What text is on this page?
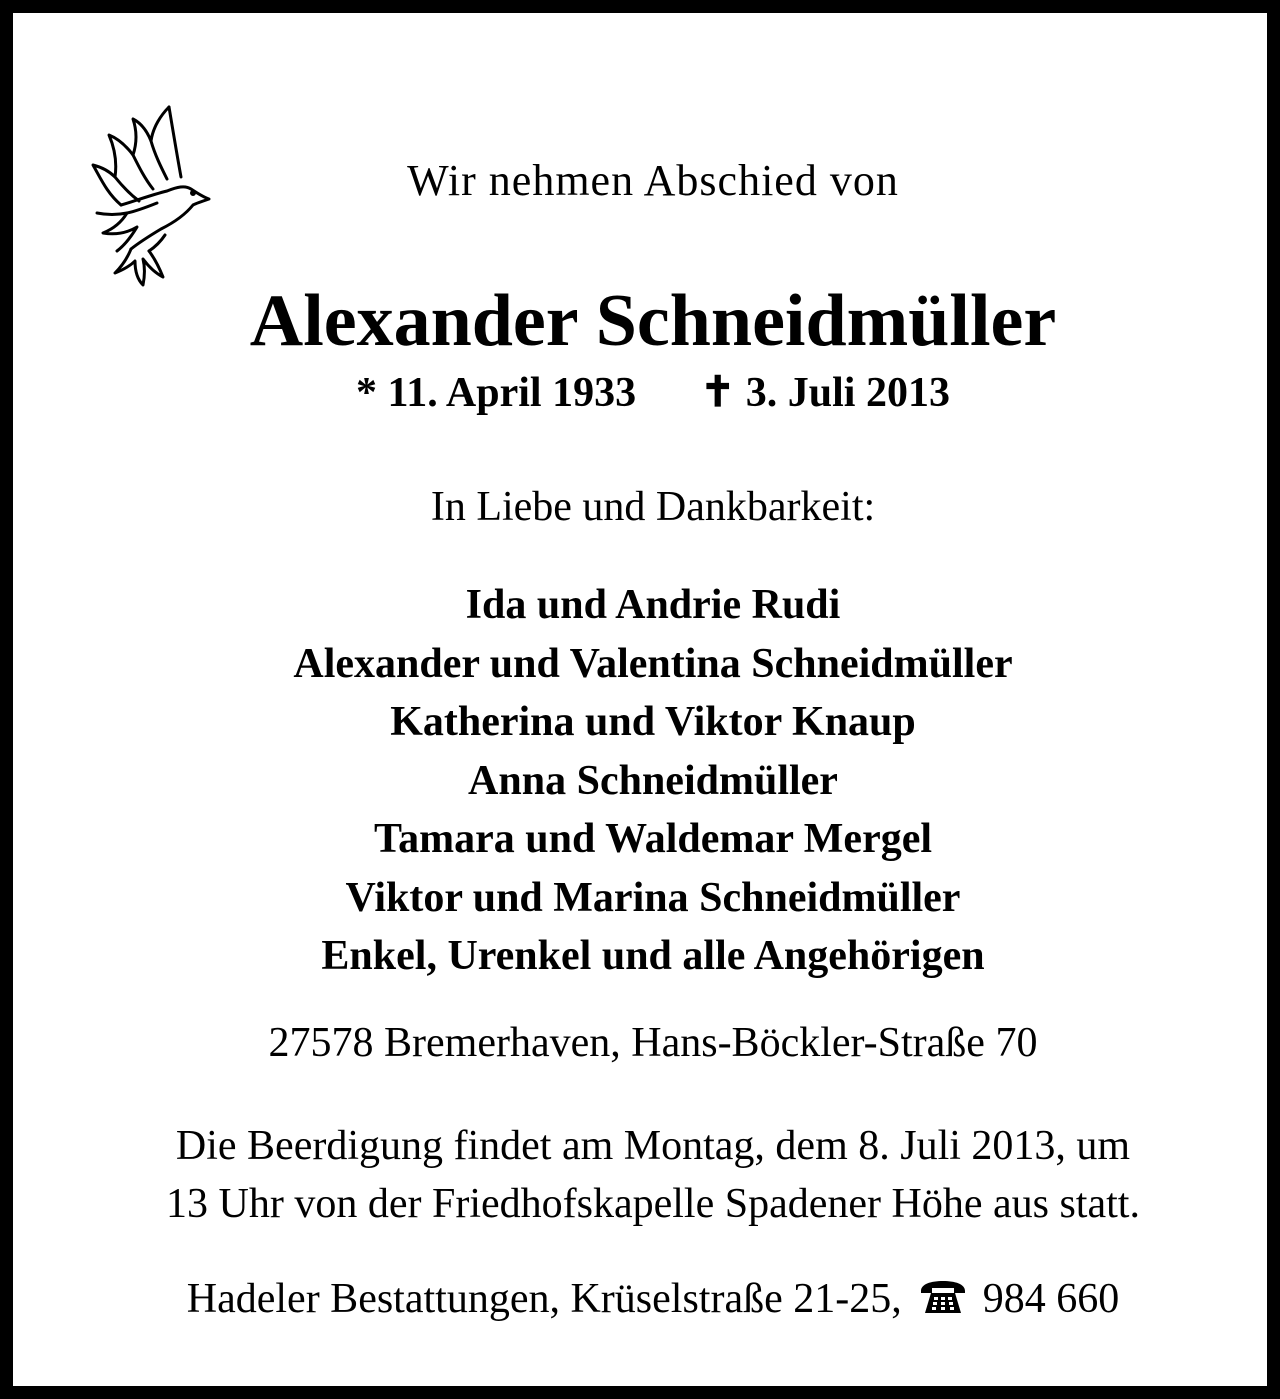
Wir nehmen Abschied von
Alexander Schneidmüller
* 11. April 1933 ✝ 3. Juli 2013
In Liebe und Dankbarkeit:
Ida und Andrie Rudi
Alexander und Valentina Schneidmüller
Katherina und Viktor Knaup
Anna Schneidmüller
Tamara und Waldemar Mergel
Viktor und Marina Schneidmüller
Enkel, Urenkel und alle Angehörigen
27578 Bremerhaven, Hans-Böckler-Straße 70
Die Beerdigung findet am Montag, dem 8. Juli 2013, um
13 Uhr von der Friedhofskapelle Spadener Höhe aus statt.
Hadeler Bestattungen, Krüselstraße 21-25, 984 660
